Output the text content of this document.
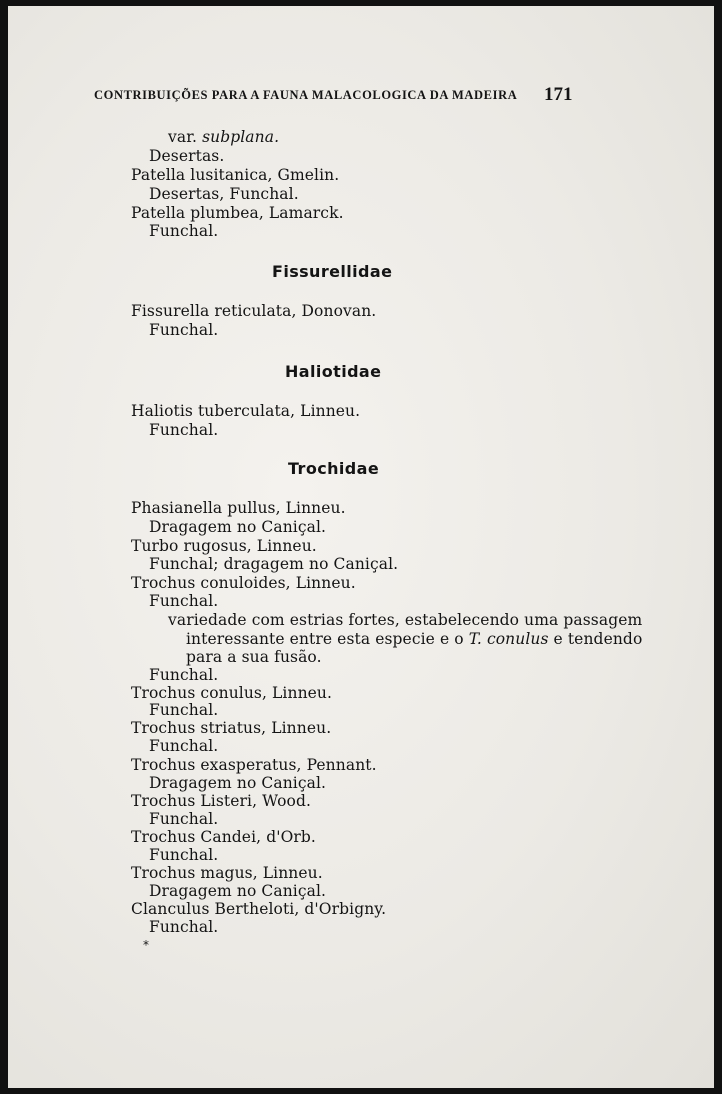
CONTRIBUIÇÕES PARA A FAUNA MALACOLOGICA DA MADEIRA 171
var. subplana.
Desertas.
Patella lusitanica, Gmelin.
Desertas, Funchal.
Patella plumbea, Lamarck.
Funchal.
Fissurellidae
Fissurella reticulata, Donovan.
Funchal.
Haliotidae
Haliotis tuberculata, Linneu.
Funchal.
Trochidae
Phasianella pullus, Linneu.
Dragagem no Caniçal.
Turbo rugosus, Linneu.
Funchal; dragagem no Caniçal.
Trochus conuloides, Linneu.
Funchal.
variedade com estrias fortes, estabelecendo uma passagem
interessante entre esta especie e o T. conulus e tendendo
para a sua fusão.
Funchal.
Trochus conulus, Linneu.
Funchal.
Trochus striatus, Linneu.
Funchal.
Trochus exasperatus, Pennant.
Dragagem no Caniçal.
Trochus Listeri, Wood.
Funchal.
Trochus Candei, d'Orb.
Funchal.
Trochus magus, Linneu.
Dragagem no Caniçal.
Clanculus Bertheloti, d'Orbigny.
Funchal.
*
